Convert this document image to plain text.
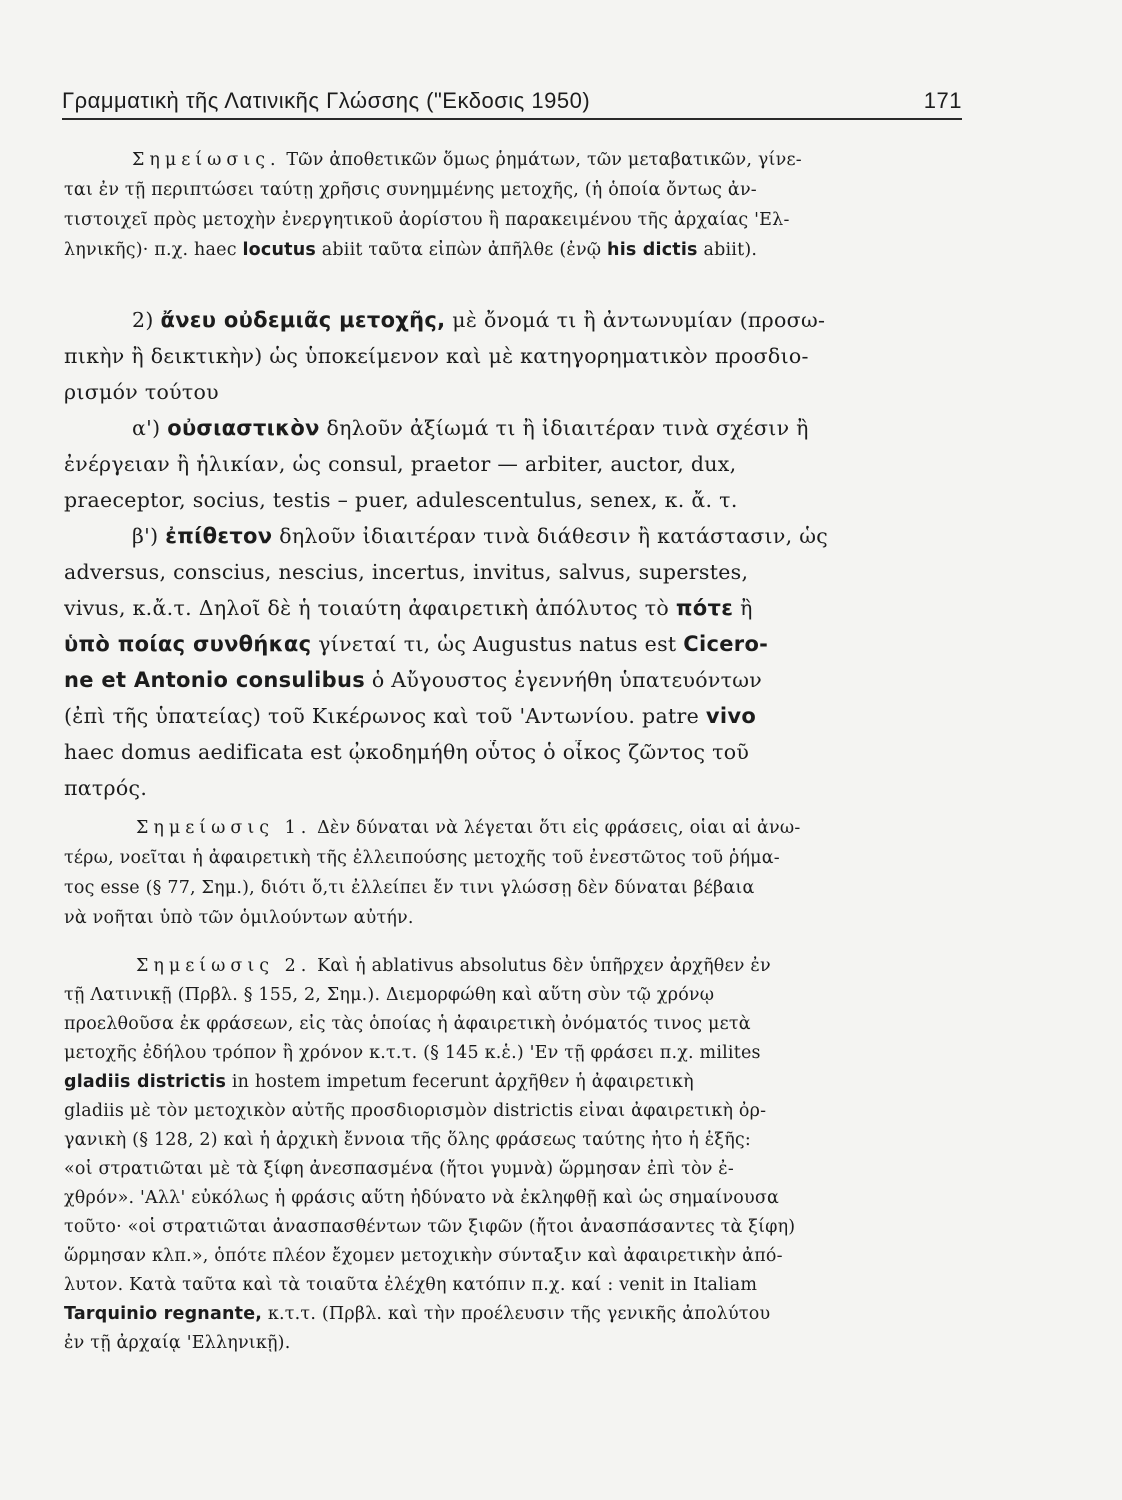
Γραμματικὴ τῆς Λατινικῆς Γλώσσης ("Εκδοσις 1950)	171
Σημείωσις. Τῶν ἀποθετικῶν ὅμως ῥημάτων, τῶν μεταβατικῶν, γίνε-
ται ἐν τῇ περιπτώσει ταύτῃ χρῆσις συνημμένης μετοχῆς, (ἡ ὁποία ὄντως ἀν-
τιστοιχεῖ πρὸς μετοχὴν ἐνεργητικοῦ ἀορίστου ἢ παρακειμένου τῆς ἀρχαίας 'Ελ-
ληνικῆς)· π.χ. haec locutus abiit ταῦτα εἰπὼν ἀπῆλθε (ἐνῷ his dictis abiit).
2) ἄνευ οὐδεμιᾶς μετοχῆς, μὲ ὄνομά τι ἢ ἀντωνυμίαν (προσω-
πικὴν ἢ δεικτικὴν) ὡς ὑποκείμενον καὶ μὲ κατηγορηματικὸν προσδιο-
ρισμόν τούτου
α') οὐσιαστικὸν δηλοῦν ἀξίωμά τι ἢ ἰδιαιτέραν τινὰ σχέσιν ἢ
ἐνέργειαν ἢ ἡλικίαν, ὡς consul, praetor — arbiter, auctor, dux,
praeceptor, socius, testis – puer, adulescentulus, senex, κ. ἄ. τ.
β') ἐπίθετον δηλοῦν ἰδιαιτέραν τινὰ διάθεσιν ἢ κατάστασιν, ὡς
adversus, conscius, nescius, incertus, invitus, salvus, superstes,
vivus, κ.ἄ.τ. Δηλοῖ δὲ ἡ τοιαύτη ἀφαιρετικὴ ἀπόλυτος τὸ πότε ἢ
ὑπὸ ποίας συνθήκας γίνεταί τι, ὡς Augustus natus est Cicero-
ne et Antonio consulibus ὁ Αὔγουστος ἐγεννήθη ὑπατευόντων
(ἐπὶ τῆς ὑπατείας) τοῦ Κικέρωνος καὶ τοῦ 'Αντωνίου. patre vivo
haec domus aedificata est ᾠκοδημήθη οὗτος ὁ οἶκος ζῶντος τοῦ
πατρός.
Σημείωσις 1. Δὲν δύναται νὰ λέγεται ὅτι εἰς φράσεις, οἷαι αἱ ἀνω-
τέρω, νοεῖται ἡ ἀφαιρετικὴ τῆς ἐλλειπούσης μετοχῆς τοῦ ἐνεστῶτος τοῦ ῥήμα-
τος esse (§ 77, Σημ.), διότι ὅ,τι ἐλλείπει ἔν τινι γλώσσῃ δὲν δύναται βέβαια
νὰ νοῆται ὑπὸ τῶν ὁμιλούντων αὐτήν.
Σημείωσις 2. Καὶ ἡ ablativus absolutus δὲν ὑπῆρχεν ἀρχῆθεν ἐν
τῇ Λατινικῇ (Πρβλ. § 155, 2, Σημ.). Διεμορφώθη καὶ αὕτη σὺν τῷ χρόνῳ
προελθοῦσα ἐκ φράσεων, εἰς τὰς ὁποίας ἡ ἀφαιρετικὴ ὀνόματός τινος μετὰ
μετοχῆς ἐδήλου τρόπον ἢ χρόνον κ.τ.τ. (§ 145 κ.ἑ.) 'Εν τῇ φράσει π.χ. milites
gladiis districtis in hostem impetum fecerunt ἀρχῆθεν ἡ ἀφαιρετικὴ
gladiis μὲ τὸν μετοχικὸν αὐτῆς προσδιορισμὸν districtis εἶναι ἀφαιρετικὴ ὀρ-
γανικὴ (§ 128, 2) καὶ ἡ ἀρχικὴ ἔννοια τῆς ὅλης φράσεως ταύτης ἦτο ἡ ἑξῆς:
«οἱ στρατιῶται μὲ τὰ ξίφη ἀνεσπασμένα (ἤτοι γυμνὰ) ὥρμησαν ἐπὶ τὸν ἐ-
χθρόν». 'Αλλ' εὐκόλως ἡ φράσις αὕτη ἠδύνατο νὰ ἐκληφθῇ καὶ ὡς σημαίνουσα
τοῦτο· «οἱ στρατιῶται ἀνασπασθέντων τῶν ξιφῶν (ἤτοι ἀνασπάσαντες τὰ ξίφη)
ὥρμησαν κλπ.», ὁπότε πλέον ἔχομεν μετοχικὴν σύνταξιν καὶ ἀφαιρετικὴν ἀπό-
λυτον. Κατὰ ταῦτα καὶ τὰ τοιαῦτα ἐλέχθη κατόπιν π.χ. καί : venit in Italiam
Tarquinio regnante, κ.τ.τ. (Πρβλ. καὶ τὴν προέλευσιν τῆς γενικῆς ἀπολύτου
ἐν τῇ ἀρχαίᾳ 'Ελληνικῇ).
